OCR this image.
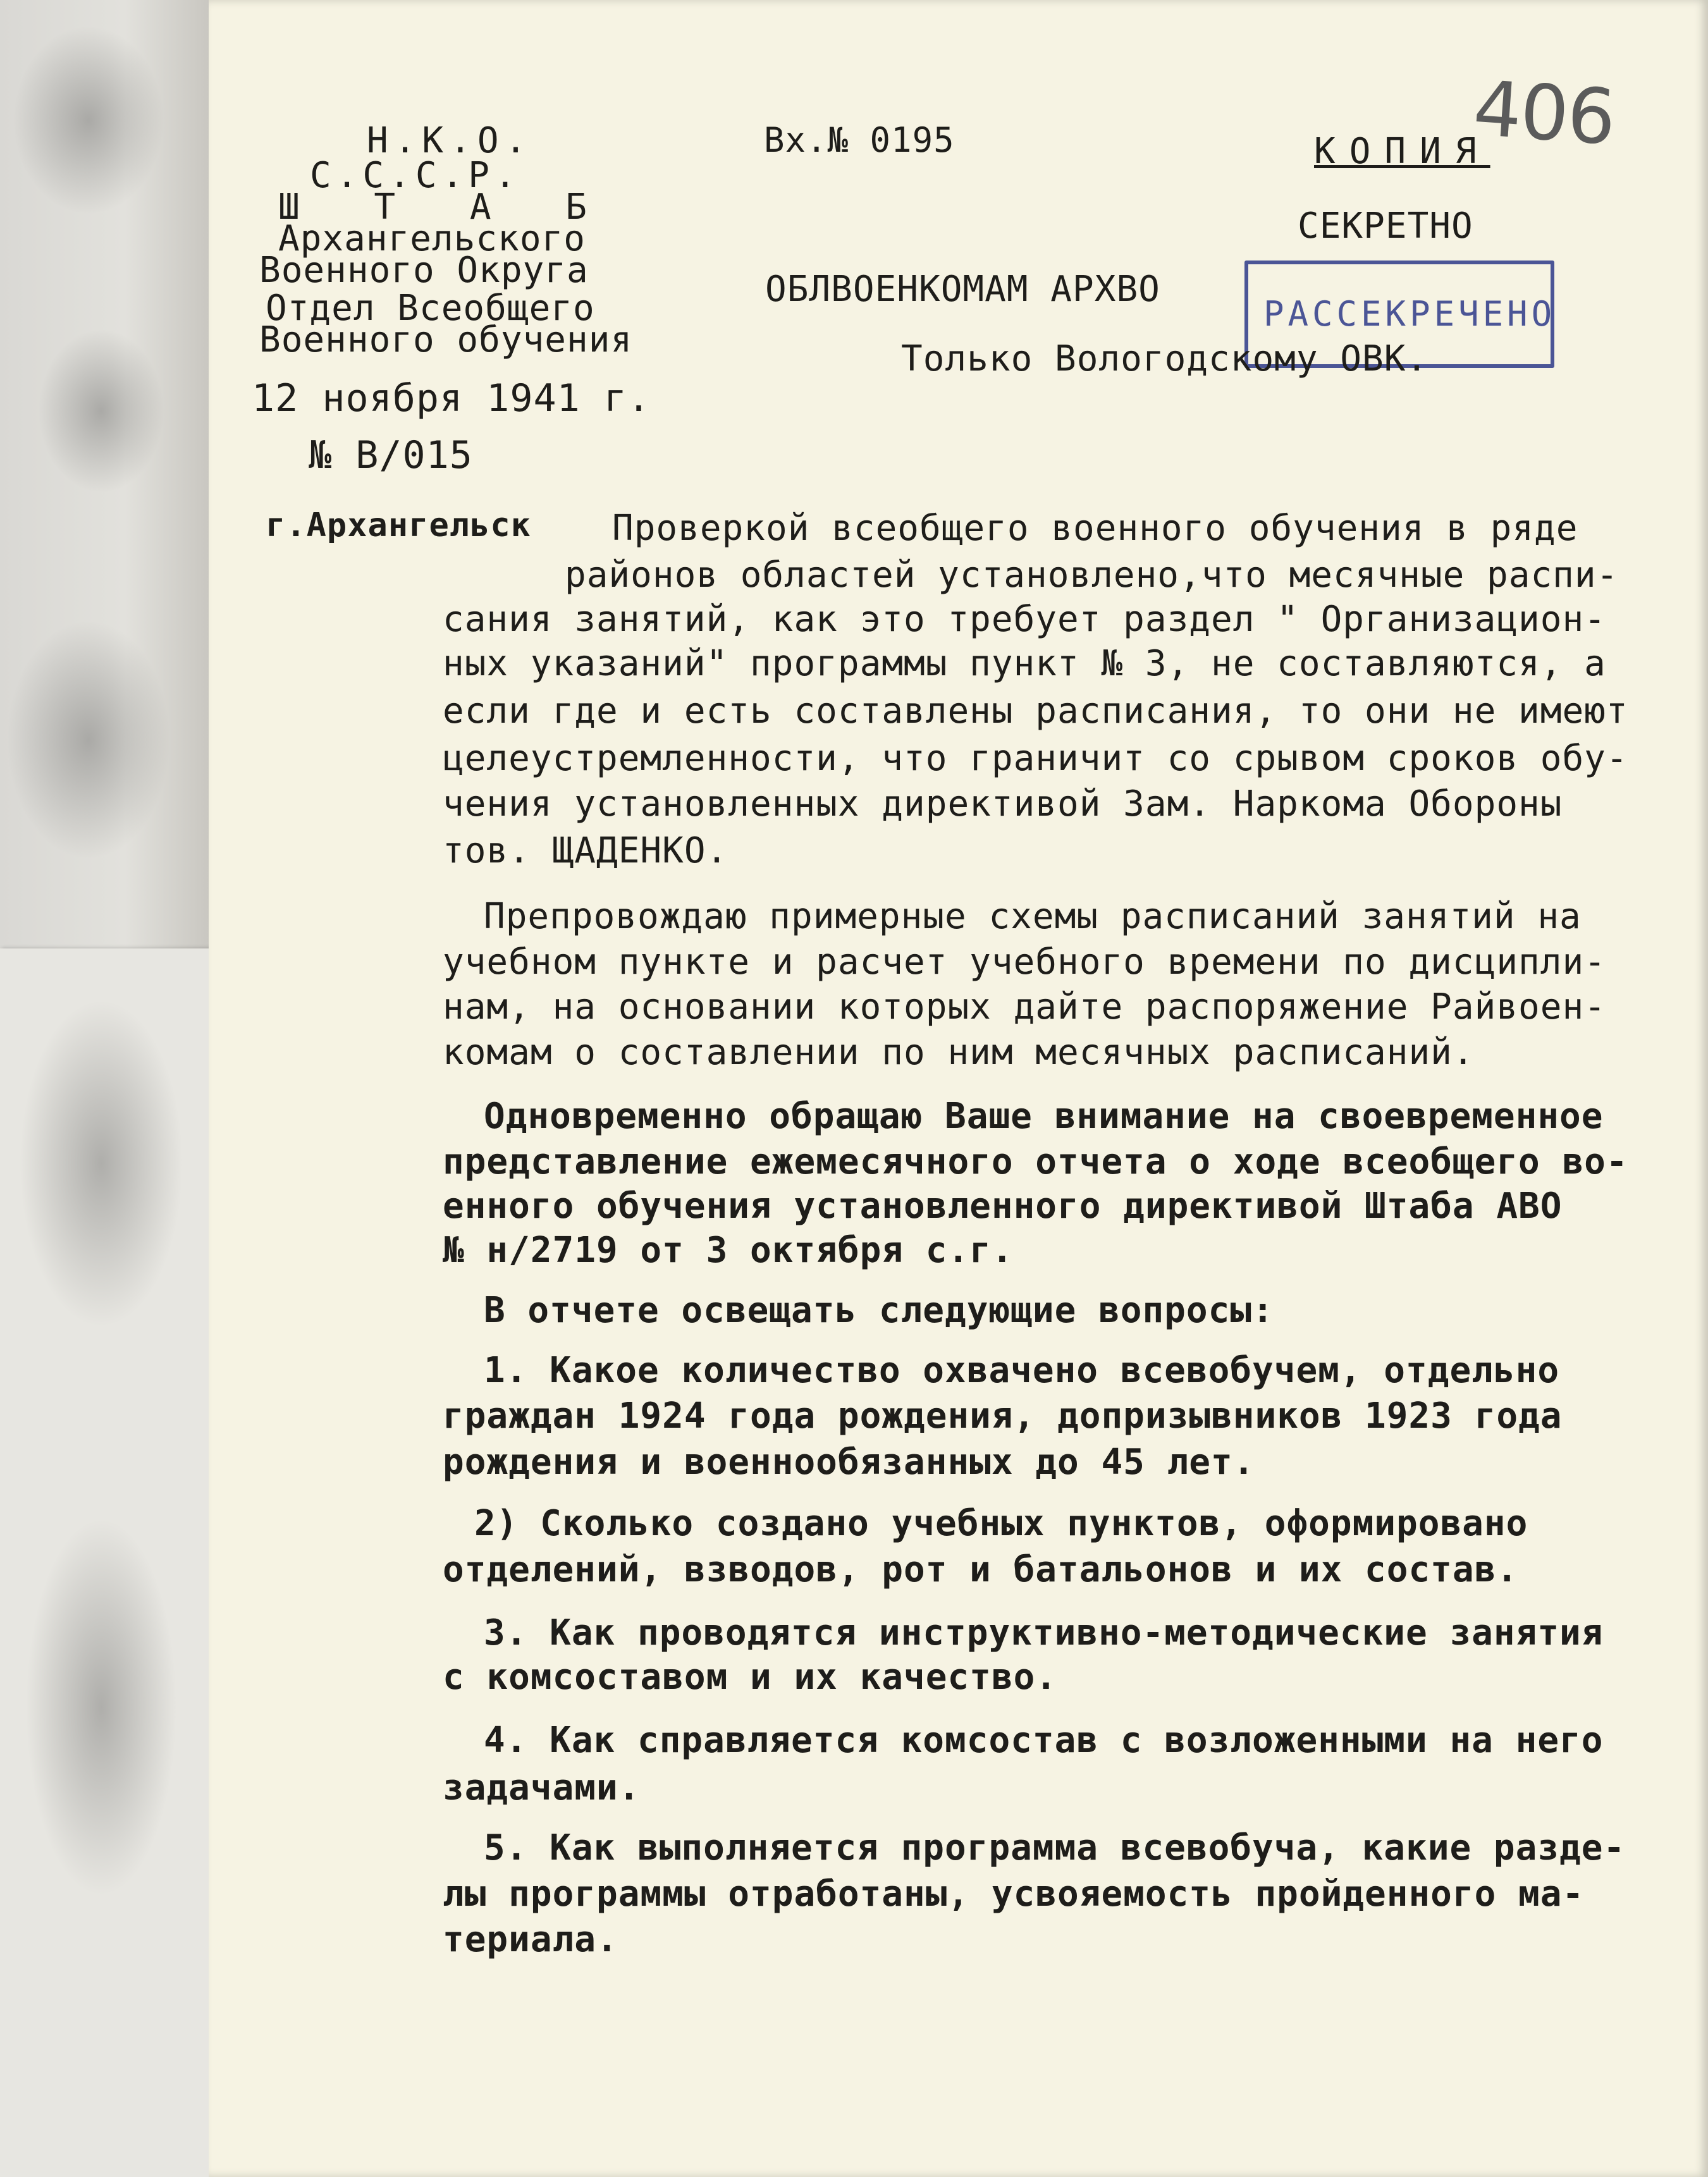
406
Н.К.О.
С.С.С.Р.
Ш Т А Б
Архангельского
Военного Округа
Отдел Всеобщего
Военного обучения
12 ноября 1941 г.
№ В/015
г.Архангельск
Вх.№ 0195	КОПИЯ
СЕКРЕТНО
РАССЕКРЕЧЕНО
ОБЛВОЕНКОМАМ АРХВО
Только Вологодскому ОВК.
Проверкой всеобщего военного обучения в ряде
районов областей установлено,что месячные распи-
сания занятий, как это требует раздел " Организацион-
ных указаний" программы пункт № 3, не составляются, а
если где и есть составлены расписания, то они не имеют
целеустремленности, что граничит со срывом сроков обу-
чения установленных директивой Зам. Наркома Обороны
тов. ЩАДЕНКО.
Препровождаю примерные схемы расписаний занятий на
учебном пункте и расчет учебного времени по дисципли-
нам, на основании которых дайте распоряжение Райвоен-
комам о составлении по ним месячных расписаний.
Одновременно обращаю Ваше внимание на своевременное
представление ежемесячного отчета о ходе всеобщего во-
енного обучения установленного директивой Штаба АВО
№ н/2719 от 3 октября с.г.
В отчете освещать следующие вопросы:
1. Какое количество охвачено всевобучем, отдельно
граждан 1924 года рождения, допризывников 1923 года
рождения и военнообязанных до 45 лет.
2) Сколько создано учебных пунктов, оформировано
отделений, взводов, рот и батальонов и их состав.
3. Как проводятся инструктивно-методические занятия
с комсоставом и их качество.
4. Как справляется комсостав с возложенными на него
задачами.
5. Как выполняется программа всевобуча, какие разде-
лы программы отработаны, усвояемость пройденного ма-
териала.
